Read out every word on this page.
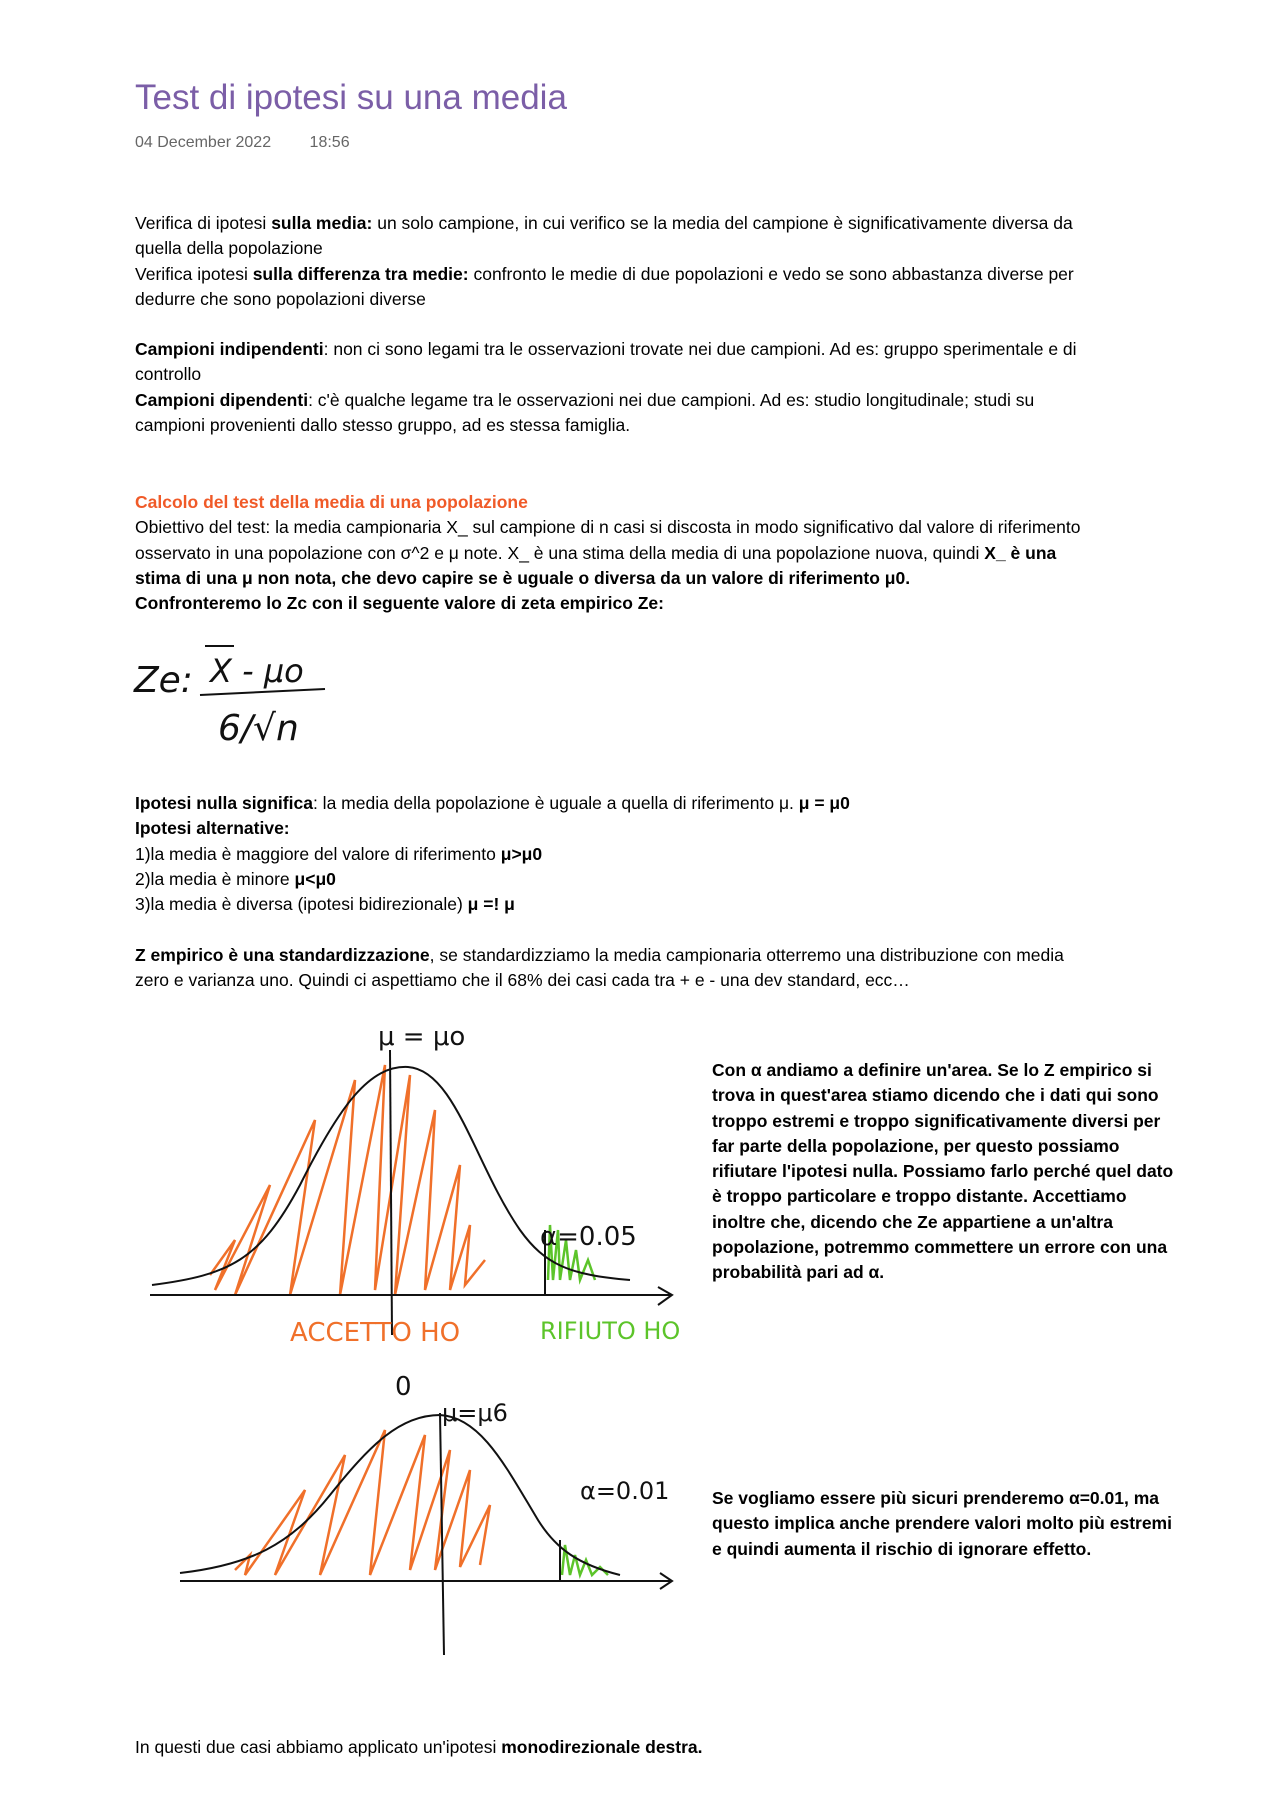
Test di ipotesi su una media
04 December 2022 18:56

Verifica di ipotesi sulla media: un solo campione, in cui verifico se la media del campione è significativamente diversa da quella della popolazione

Verifica ipotesi sulla differenza tra medie: confronto le medie di due popolazioni e vedo se sono abbastanza diverse per dedurre che sono popolazioni diverse

Campioni indipendenti: non ci sono legami tra le osservazioni trovate nei due campioni. Ad es: gruppo sperimentale e di controllo

Campioni dipendenti: c'è qualche legame tra le osservazioni nei due campioni. Ad es: studio longitudinale; studi su campioni provenienti dallo stesso gruppo, ad es stessa famiglia.

Calcolo del test della media di una popolazione

Obiettivo del test: la media campionaria X_ sul campione di n casi si discosta in modo significativo dal valore di riferimento osservato in una popolazione con σ^2 e μ note. X_ è una stima della media di una popolazione nuova, quindi X_ è una stima di una μ non nota, che devo capire se è uguale o diversa da un valore di riferimento μ0.

Confronteremo lo Zc con il seguente valore di zeta empirico Ze:

Ze: X - μo
6/√n

Ipotesi nulla significa: la media della popolazione è uguale a quella di riferimento μ. μ = μ0

Ipotesi alternative:

1)la media è maggiore del valore di riferimento μ>μ0

2)la media è minore μ<μ0

3)la media è diversa (ipotesi bidirezionale) μ =! μ

Z empirico è una standardizzazione, se standardizziamo la media campionaria otterremo una distribuzione con media zero e varianza uno. Quindi ci aspettiamo che il 68% dei casi cada tra + e - una dev standard, ecc…

μ = μo
α=0.05
ACCETTO HO	RIFIUTO HO
0
Con α andiamo a definire un'area. Se lo Z empirico si trova in quest'area stiamo dicendo che i dati qui sono troppo estremi e troppo significativamente diversi per far parte della popolazione, per questo possiamo rifiutare l'ipotesi nulla. Possiamo farlo perché quel dato è troppo particolare e troppo distante. Accettiamo inoltre che, dicendo che Ze appartiene a un'altra popolazione, potremmo commettere un errore con una probabilità pari ad α.
μ=μ6
α=0.01 Se vogliamo essere più sicuri prenderemo α=0.01, ma questo implica anche prendere valori molto più estremi e quindi aumenta il rischio di ignorare effetto.
In questi due casi abbiamo applicato un'ipotesi monodirezionale destra.
